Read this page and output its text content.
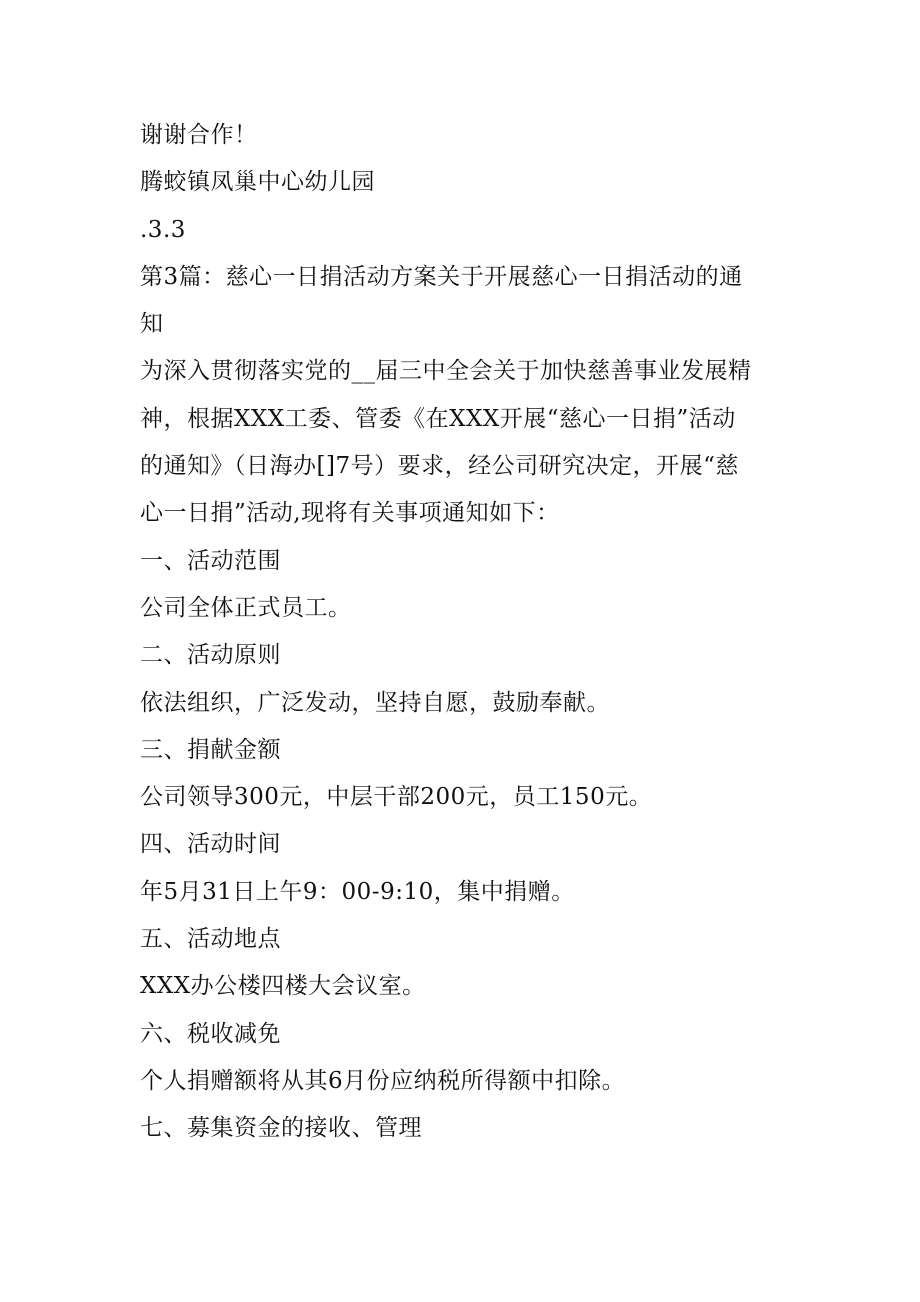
谢谢合作！
腾蛟镇凤巢中心幼儿园
.3.3
第3篇：慈心一日捐活动方案关于开展慈心一日捐活动的通
知
为深入贯彻落实党的__届三中全会关于加快慈善事业发展精
神，根据XXX工委、管委《在XXX开展“慈心一日捐”活动
的通知》（日海办[]7号）要求，经公司研究决定，开展“慈
心一日捐”活动,现将有关事项通知如下：
一、活动范围
公司全体正式员工。
二、活动原则
依法组织，广泛发动，坚持自愿，鼓励奉献。
三、捐献金额
公司领导300元，中层干部200元，员工150元。
四、活动时间
年5月31日上午9：00-9:10，集中捐赠。
五、活动地点
XXX办公楼四楼大会议室。
六、税收减免
个人捐赠额将从其6月份应纳税所得额中扣除。
七、募集资金的接收、管理
